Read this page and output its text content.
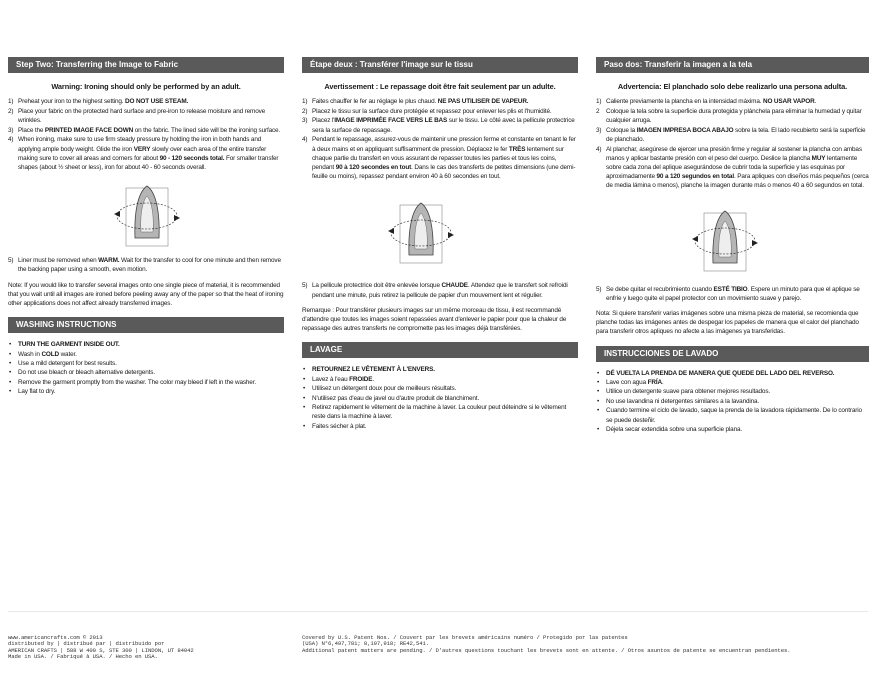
Step Two: Transferring the Image to Fabric
Warning: Ironing should only be performed by an adult.
1) Preheat your iron to the highest setting. DO NOT USE STEAM.
2) Place your fabric on the protected hard surface and pre-iron to release moisture and remove wrinkles.
3) Place the PRINTED IMAGE FACE DOWN on the fabric. The lined side will be the ironing surface.
4) When ironing, make sure to use firm steady pressure by holding the iron in both hands and applying ample body weight. Glide the iron VERY slowly over each area of the entire transfer making sure to cover all areas and corners for about 90 - 120 seconds total. For smaller transfer shapes (about ½ sheet or less), iron for about 40 - 60 seconds overall.
5) Liner must be removed when WARM. Wait for the transfer to cool for one minute and then remove the backing paper using a smooth, even motion.
Note: If you would like to transfer several images onto one single piece of material, it is recommended that you wait until all images are ironed before peeling away any of the paper so that the heat of ironing other applications does not affect already transferred images.
WASHING INSTRUCTIONS
• TURN THE GARMENT INSIDE OUT.
• Wash in COLD water.
• Use a mild detergent for best results.
• Do not use bleach or bleach alternative detergents.
• Remove the garment promptly from the washer. The color may bleed if left in the washer.
• Lay flat to dry.
Étape deux : Transférer l'image sur le tissu
Avertissement : Le repassage doit être fait seulement par un adulte.
1) Faites chauffer le fer au réglage le plus chaud. NE PAS UTILISER DE VAPEUR.
2) Placez le tissu sur la surface dure protégée et repassez pour enlever les plis et l'humidité.
3) Placez l'IMAGE IMPRIMÉE FACE VERS LE BAS sur le tissu. Le côté avec la pellicule protectrice sera la surface de repassage.
4) Pendant le repassage, assurez-vous de maintenir une pression ferme et constante en tenant le fer à deux mains et en appliquant suffisamment de pression. Déplacez le fer TRÈS lentement sur chaque partie du transfert en vous assurant de repasser toutes les parties et tous les coins, pendant 90 à 120 secondes en tout. Dans le cas des transferts de petites dimensions (une demi-feuille ou moins), repassez pendant environ 40 à 60 secondes en tout.
5) La pellicule protectrice doit être enlevée lorsque CHAUDE. Attendez que le transfert soit refroidi pendant une minute, puis retirez la pellicule de papier d'un mouvement lent et régulier.
Remarque : Pour transférer plusieurs images sur un même morceau de tissu, il est recommandé d'attendre que toutes les images soient repassées avant d'enlever le papier pour que la chaleur de repassage des autres transferts ne compromette pas les images déjà transférées.
LAVAGE
• RETOURNEZ LE VÊTEMENT À L'ENVERS.
• Lavez à l'eau FROIDE.
• Utilisez un détergent doux pour de meilleurs résultats.
• N'utilisez pas d'eau de javel ou d'autre produit de blanchiment.
• Retirez rapidement le vêtement de la machine à laver. La couleur peut déteindre si le vêtement reste dans la machine à laver.
• Faites sécher à plat.
Paso dos: Transferir la imagen a la tela
Advertencia: El planchado solo debe realizarlo una persona adulta.
1) Caliente previamente la plancha en la intensidad máxima. NO USAR VAPOR.
2 Coloque la tela sobre la superficie dura protegida y plánchela para eliminar la humedad y quitar cualquier arruga.
3) Coloque la IMAGEN IMPRESA BOCA ABAJO sobre la tela. El lado recubierto será la superficie de planchado.
4) Al planchar, asegúrese de ejercer una presión firme y regular al sostener la plancha con ambas manos y aplicar bastante presión con el peso del cuerpo. Deslice la plancha MUY lentamente sobre cada zona del aplique asegurándose de cubrir toda la superficie y las esquinas por aproximadamente 90 a 120 segundos en total. Para apliques con diseños más pequeños (cerca de media lámina o menos), planche la imagen durante más o menos 40 a 60 segundos en total.
5) Se debe quitar el recubrimiento cuando ESTÉ TIBIO. Espere un minuto para que el aplique se enfríe y luego quite el papel protector con un movimiento suave y parejo.
Nota: Si quiere transferir varias imágenes sobre una misma pieza de material, se recomienda que planche todas las imágenes antes de despegar los papeles de manera que el calor del planchado para transferir otros apliques no afecte a las imágenes ya transferidas.
INSTRUCCIONES DE LAVADO
• DÉ VUELTA LA PRENDA DE MANERA QUE QUEDE DEL LADO DEL REVERSO.
• Lave con agua FRÍA.
• Utilice un detergente suave para obtener mejores resultados.
• No use lavandina ni detergentes similares a la lavandina.
• Cuando termine el ciclo de lavado, saque la prenda de la lavadora rápidamente. De lo contrario se puede desteñir.
• Déjela secar extendida sobre una superficie plana.
www.americancrafts.com © 2013
distributed by | distribué par | distribuido por
AMERICAN CRAFTS | 588 W 400 S, STE 300 | LINDON, UT 84042
Made in USA. / Fabriqué à USA. / Hecho en USA.
Covered by U.S. Patent Nos. / Couvert par les brevets américains numéro / Protegido por las patentes
(USA) N°6,497,781; 8,197,918; RE42,541.
Additional patent matters are pending. / D'autres questions touchant les brevets sont en attente. / Otros asuntos de patente se encuentran pendientes.
